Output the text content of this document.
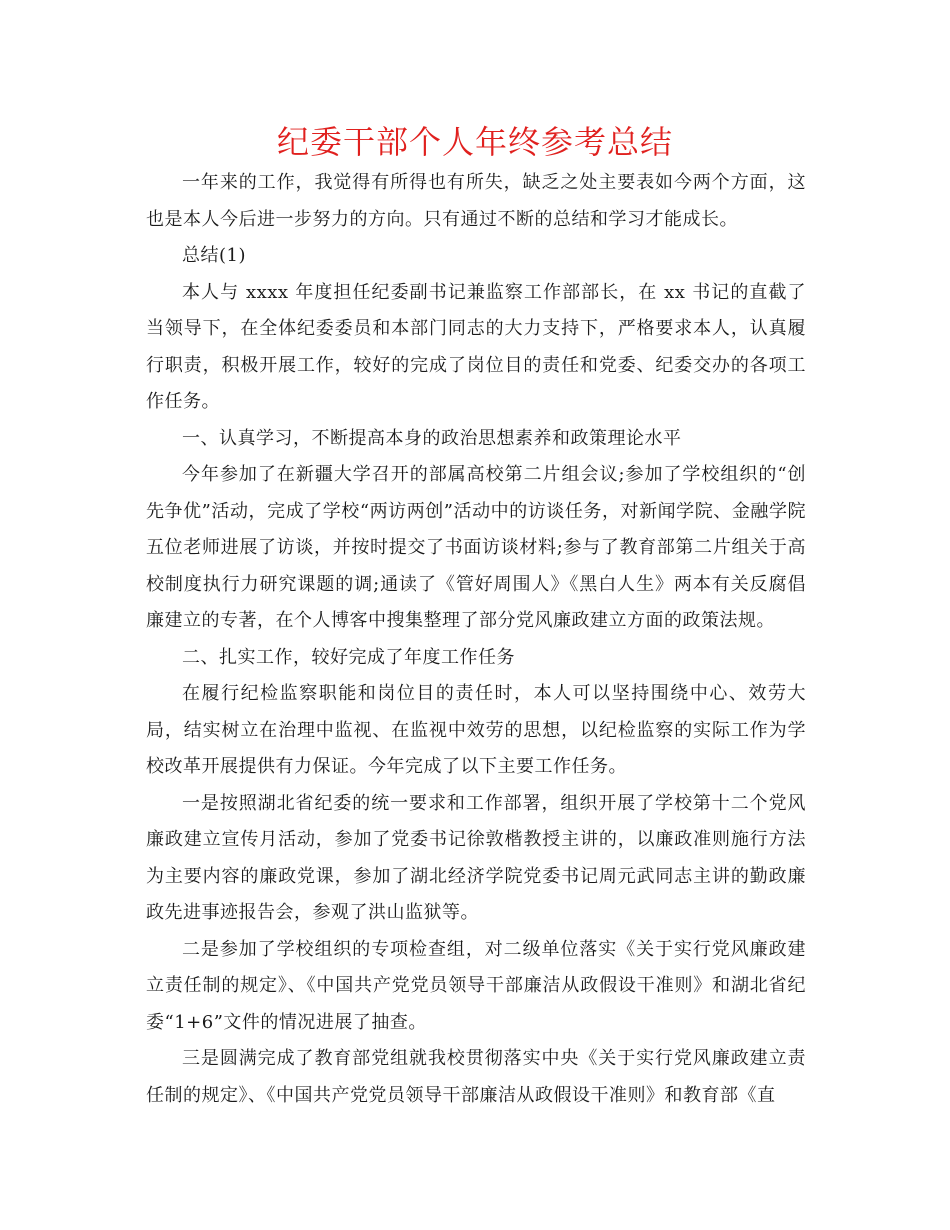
纪委干部个人年终参考总结

一年来的工作，我觉得有所得也有所失，缺乏之处主要表如今两个方面，这也是本人今后进一步努力的方向。只有通过不断的总结和学习才能成长。

总结(1)

本人与 xxxx 年度担任纪委副书记兼监察工作部部长，在 xx 书记的直截了当领导下，在全体纪委委员和本部门同志的大力支持下，严格要求本人，认真履行职责，积极开展工作，较好的完成了岗位目的责任和党委、纪委交办的各项工作任务。

一、认真学习，不断提高本身的政治思想素养和政策理论水平

今年参加了在新疆大学召开的部属高校第二片组会议;参加了学校组织的“创先争优”活动，完成了学校“两访两创”活动中的访谈任务，对新闻学院、金融学院五位老师进展了访谈，并按时提交了书面访谈材料;参与了教育部第二片组关于高校制度执行力研究课题的调;通读了《管好周围人》《黑白人生》两本有关反腐倡廉建立的专著，在个人博客中搜集整理了部分党风廉政建立方面的政策法规。

二、扎实工作，较好完成了年度工作任务

在履行纪检监察职能和岗位目的责任时，本人可以坚持围绕中心、效劳大局，结实树立在治理中监视、在监视中效劳的思想，以纪检监察的实际工作为学校改革开展提供有力保证。今年完成了以下主要工作任务。

一是按照湖北省纪委的统一要求和工作部署，组织开展了学校第十二个党风廉政建立宣传月活动，参加了党委书记徐敦楷教授主讲的，以廉政准则施行方法为主要内容的廉政党课，参加了湖北经济学院党委书记周元武同志主讲的勤政廉政先进事迹报告会，参观了洪山监狱等。

二是参加了学校组织的专项检查组，对二级单位落实《关于实行党风廉政建立责任制的规定》、《中国共产党党员领导干部廉洁从政假设干准则》和湖北省纪委“1+6”文件的情况进展了抽查。

三是圆满完成了教育部党组就我校贯彻落实中央《关于实行党风廉政建立责任制的规定》、《中国共产党党员领导干部廉洁从政假设干准则》和教育部《直
